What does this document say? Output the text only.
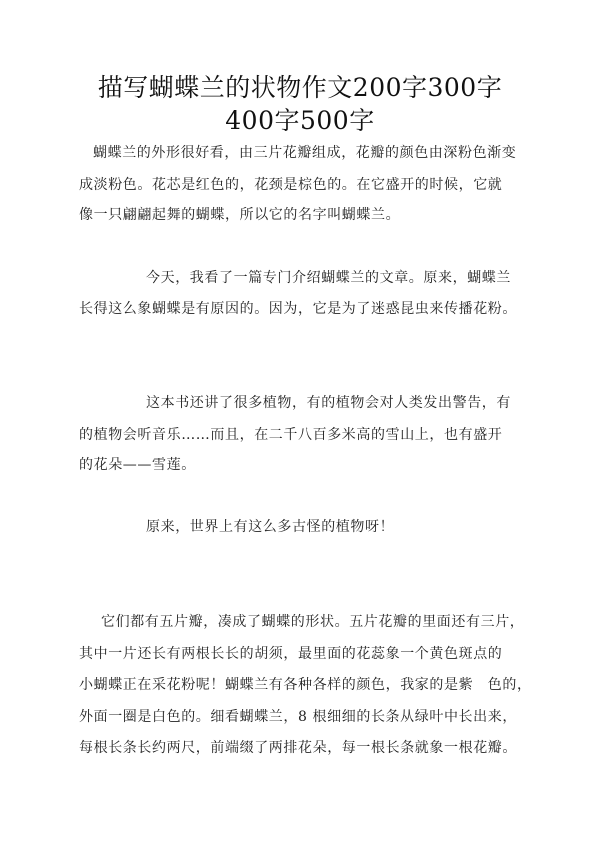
描写蝴蝶兰的状物作文200字300字
400字500字
蝴蝶兰的外形很好看，由三片花瓣组成，花瓣的颜色由深粉色渐变
成淡粉色。花芯是红色的，花颈是棕色的。在它盛开的时候，它就
像一只翩翩起舞的蝴蝶，所以它的名字叫蝴蝶兰。
今天，我看了一篇专门介绍蝴蝶兰的文章。原来，蝴蝶兰
长得这么象蝴蝶是有原因的。因为，它是为了迷惑昆虫来传播花粉。
这本书还讲了很多植物，有的植物会对人类发出警告，有
的植物会听音乐……而且，在二千八百多米高的雪山上，也有盛开
的花朵——雪莲。
原来，世界上有这么多古怪的植物呀！
它们都有五片瓣，凑成了蝴蝶的形状。五片花瓣的里面还有三片，
其中一片还长有两根长长的胡须，最里面的花蕊象一个黄色斑点的
小蝴蝶正在采花粉呢！蝴蝶兰有各种各样的颜色，我家的是紫　色的，
外面一圈是白色的。细看蝴蝶兰，8 根细细的长条从绿叶中长出来，
每根长条长约两尺，前端缀了两排花朵，每一根长条就象一根花瓣。
